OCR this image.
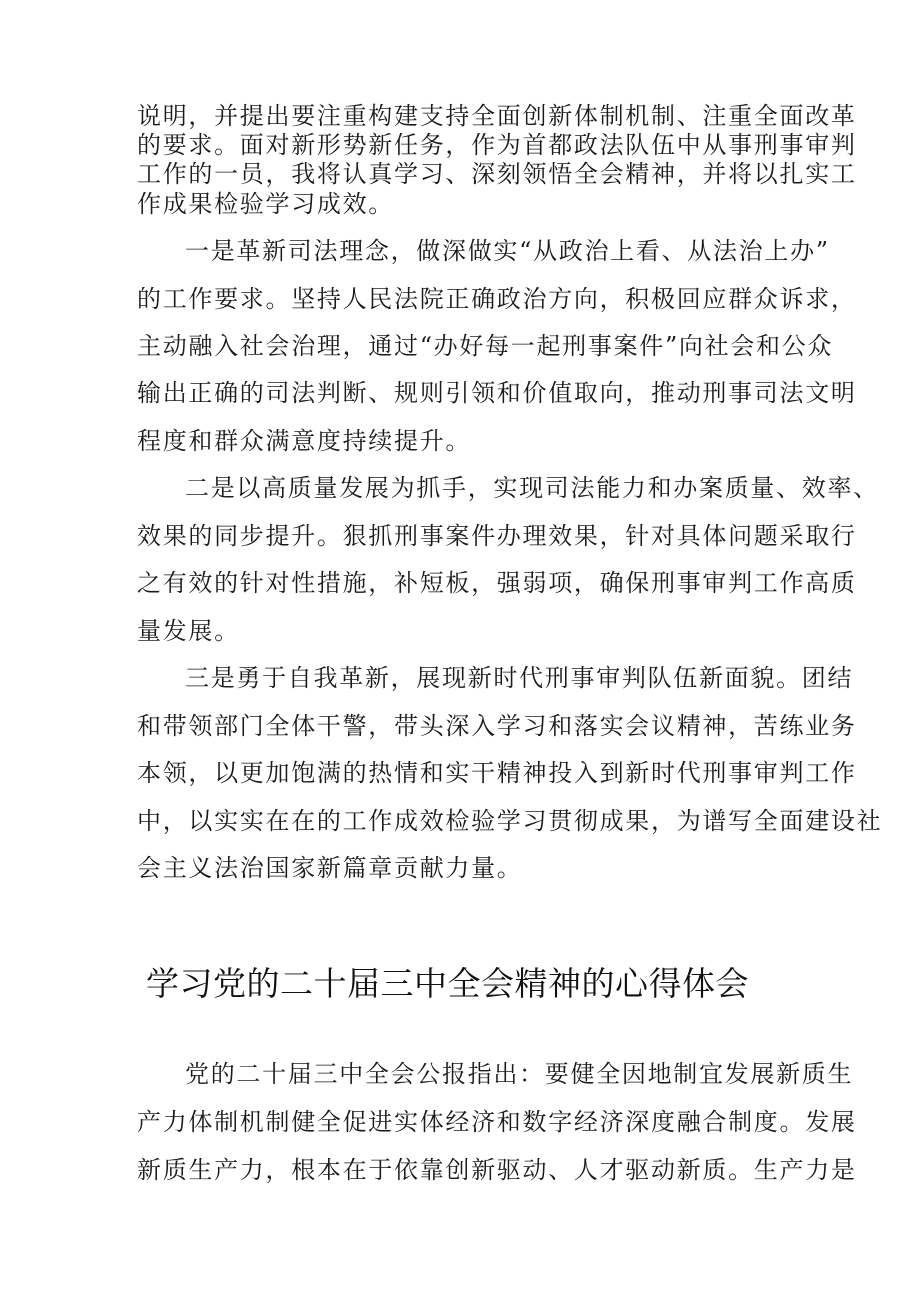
说明，并提出要注重构建支持全面创新体制机制、注重全面改革
的要求。面对新形势新任务，作为首都政法队伍中从事刑事审判
工作的一员，我将认真学习、深刻领悟全会精神，并将以扎实工
作成果检验学习成效。
一是革新司法理念，做深做实“从政治上看、从法治上办”
的工作要求。坚持人民法院正确政治方向，积极回应群众诉求，
主动融入社会治理，通过“办好每一起刑事案件”向社会和公众
输出正确的司法判断、规则引领和价值取向，推动刑事司法文明
程度和群众满意度持续提升。
二是以高质量发展为抓手，实现司法能力和办案质量、效率、
效果的同步提升。狠抓刑事案件办理效果，针对具体问题采取行
之有效的针对性措施，补短板，强弱项，确保刑事审判工作高质
量发展。
三是勇于自我革新，展现新时代刑事审判队伍新面貌。团结
和带领部门全体干警，带头深入学习和落实会议精神，苦练业务
本领，以更加饱满的热情和实干精神投入到新时代刑事审判工作
中，以实实在在的工作成效检验学习贯彻成果，为谱写全面建设社
会主义法治国家新篇章贡献力量。
学习党的二十届三中全会精神的心得体会
党的二十届三中全会公报指出：要健全因地制宜发展新质生
产力体制机制健全促进实体经济和数字经济深度融合制度。发展
新质生产力，根本在于依靠创新驱动、人才驱动新质。生产力是
